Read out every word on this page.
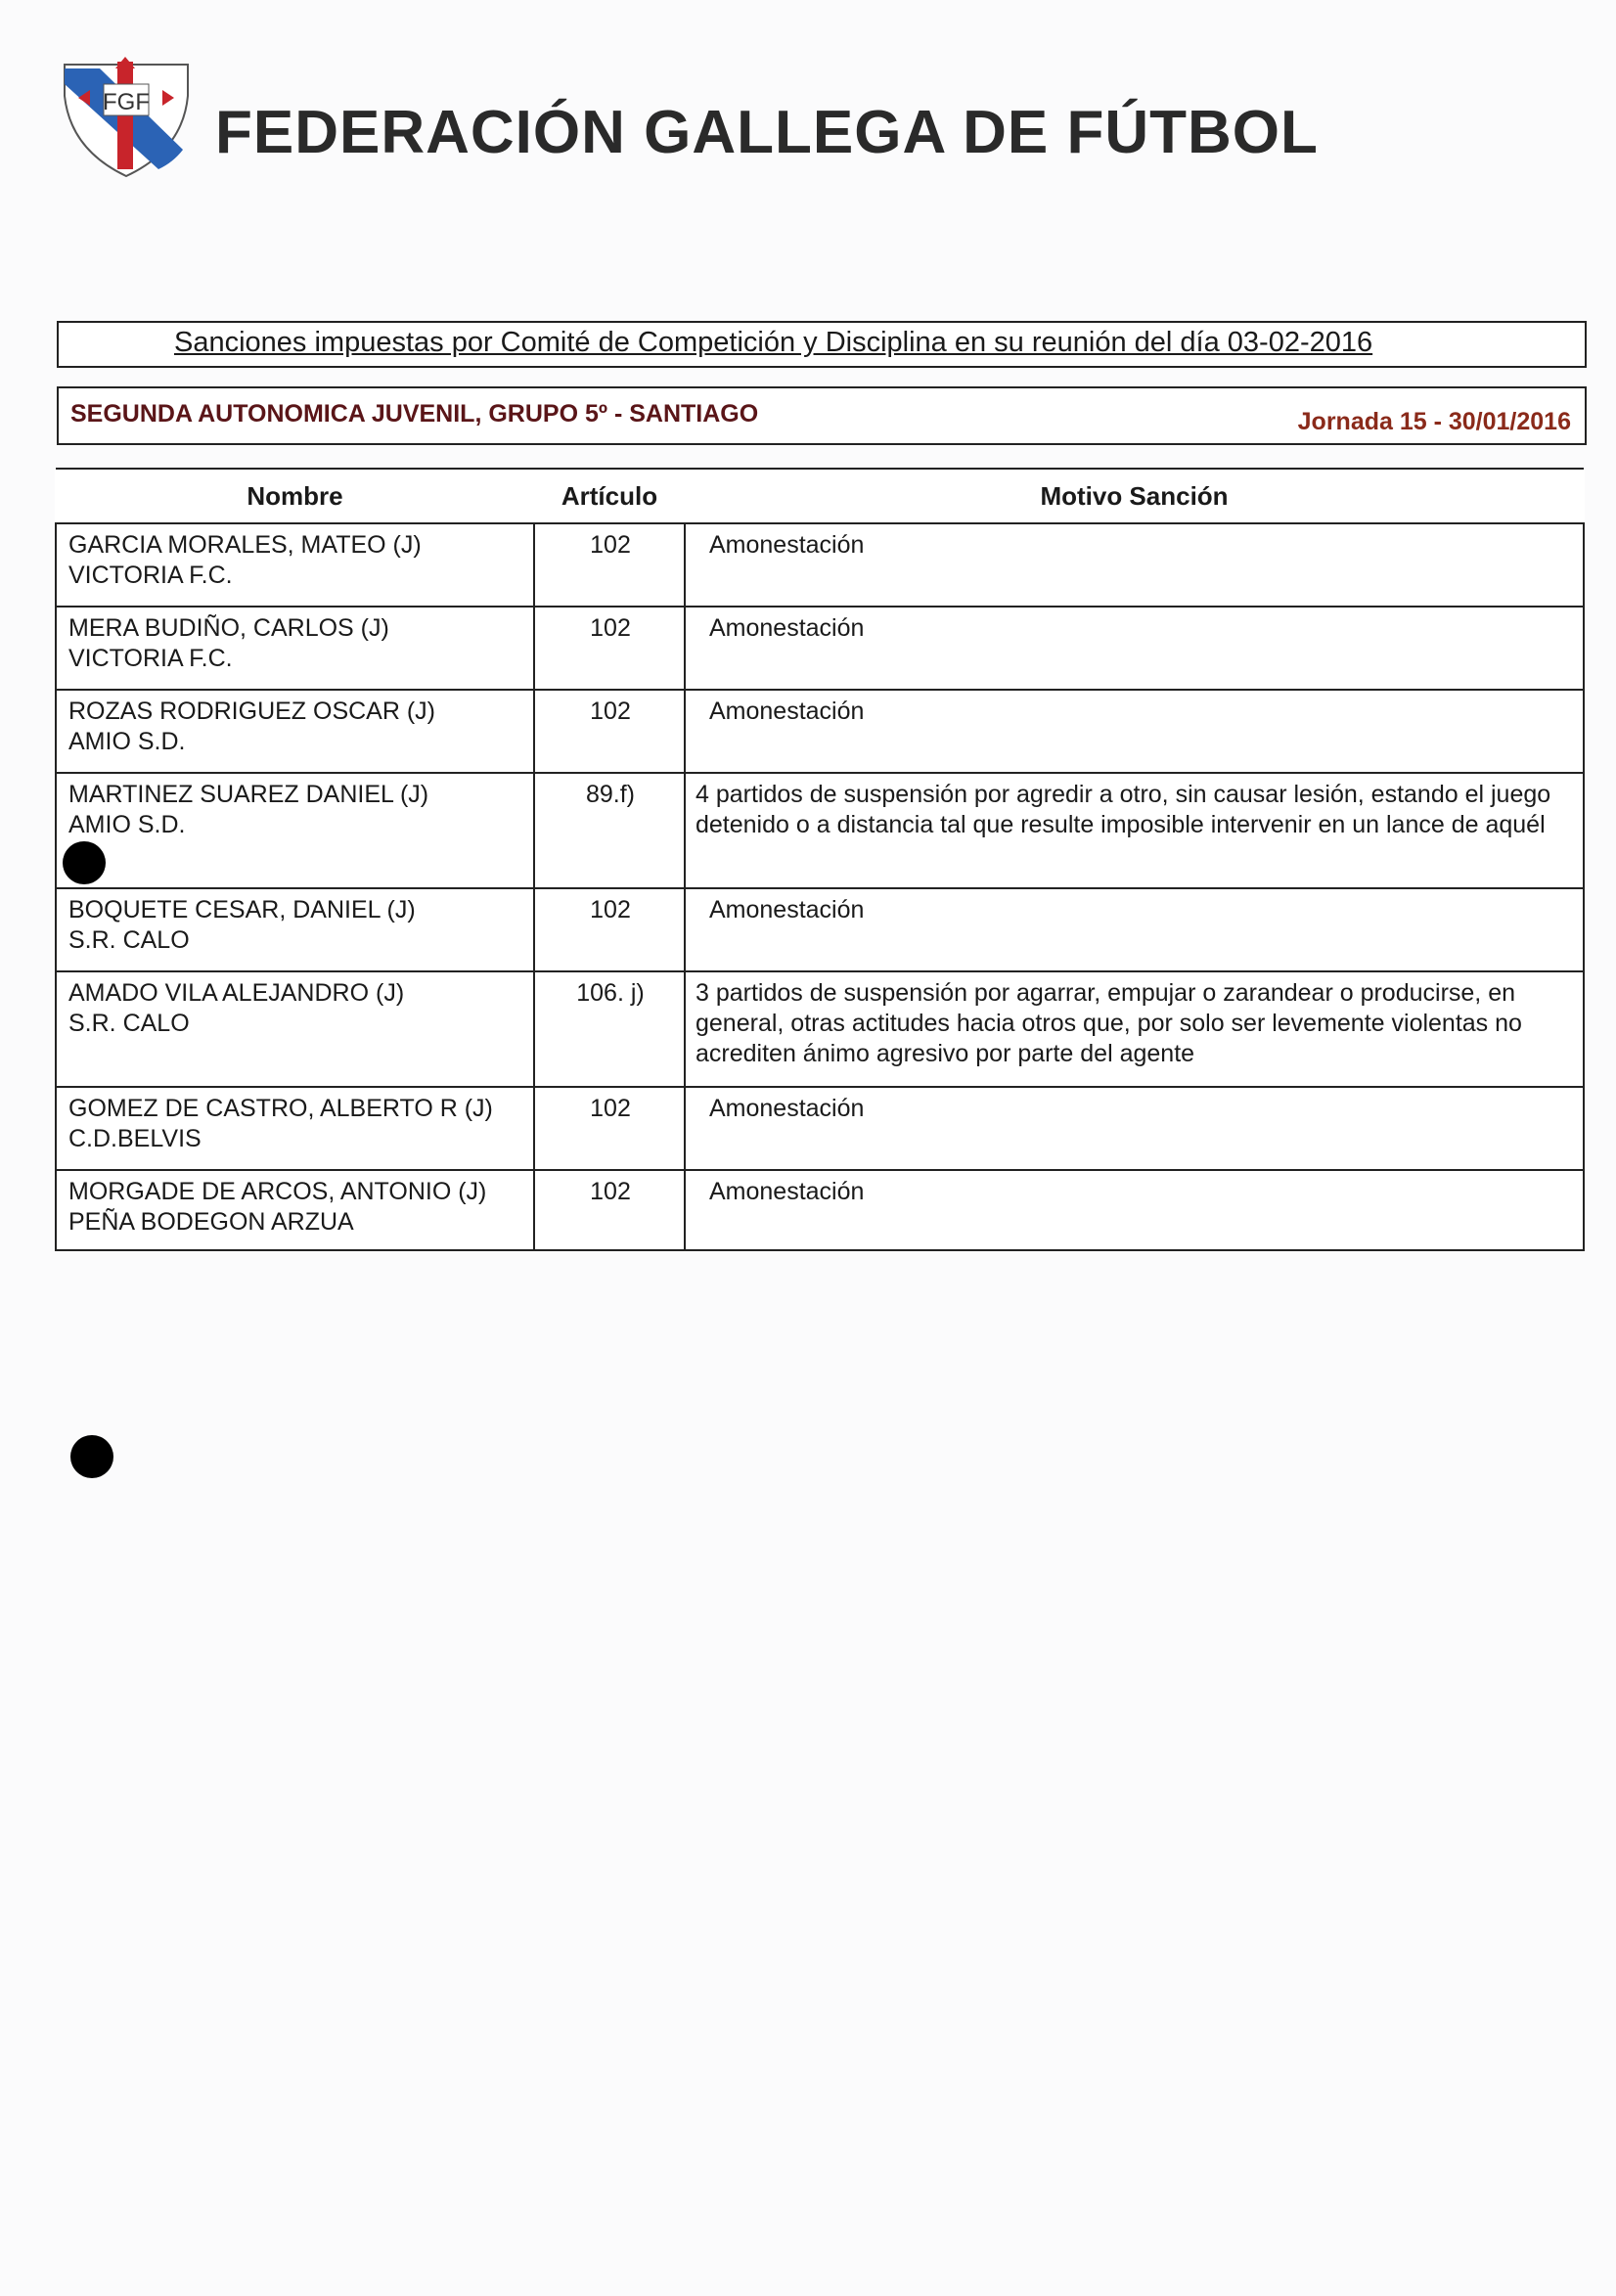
FGF FEDERACIÓN GALLEGA DE FÚTBOL
Sanciones impuestas por Comité de Competición y Disciplina en su reunión del día 03-02-2016
SEGUNDA AUTONOMICA JUVENIL, GRUPO 5º - SANTIAGO	Jornada 15 - 30/01/2016
Nombre	Artículo	Motivo Sanción

GARCIA MORALES, MATEO (J)
VICTORIA F.C.	102	Amonestación

MERA BUDIÑO, CARLOS (J)
VICTORIA F.C.	102	Amonestación

ROZAS RODRIGUEZ OSCAR (J)
AMIO S.D.	102	Amonestación

MARTINEZ SUAREZ DANIEL (J)
AMIO S.D.	89.f)	4 partidos de suspensión por agredir a otro, sin causar lesión, estando el juego detenido o a distancia tal que resulte imposible intervenir en un lance de aquél

BOQUETE CESAR, DANIEL (J)
S.R. CALO	102	Amonestación

AMADO VILA ALEJANDRO (J)
S.R. CALO	106. j)	3 partidos de suspensión por agarrar, empujar o zarandear o producirse, en general, otras actitudes hacia otros que, por solo ser levemente violentas no acrediten ánimo agresivo por parte del agente

GOMEZ DE CASTRO, ALBERTO R (J)
C.D.BELVIS	102	Amonestación

MORGADE DE ARCOS, ANTONIO (J)
PEÑA BODEGON ARZUA	102	Amonestación
